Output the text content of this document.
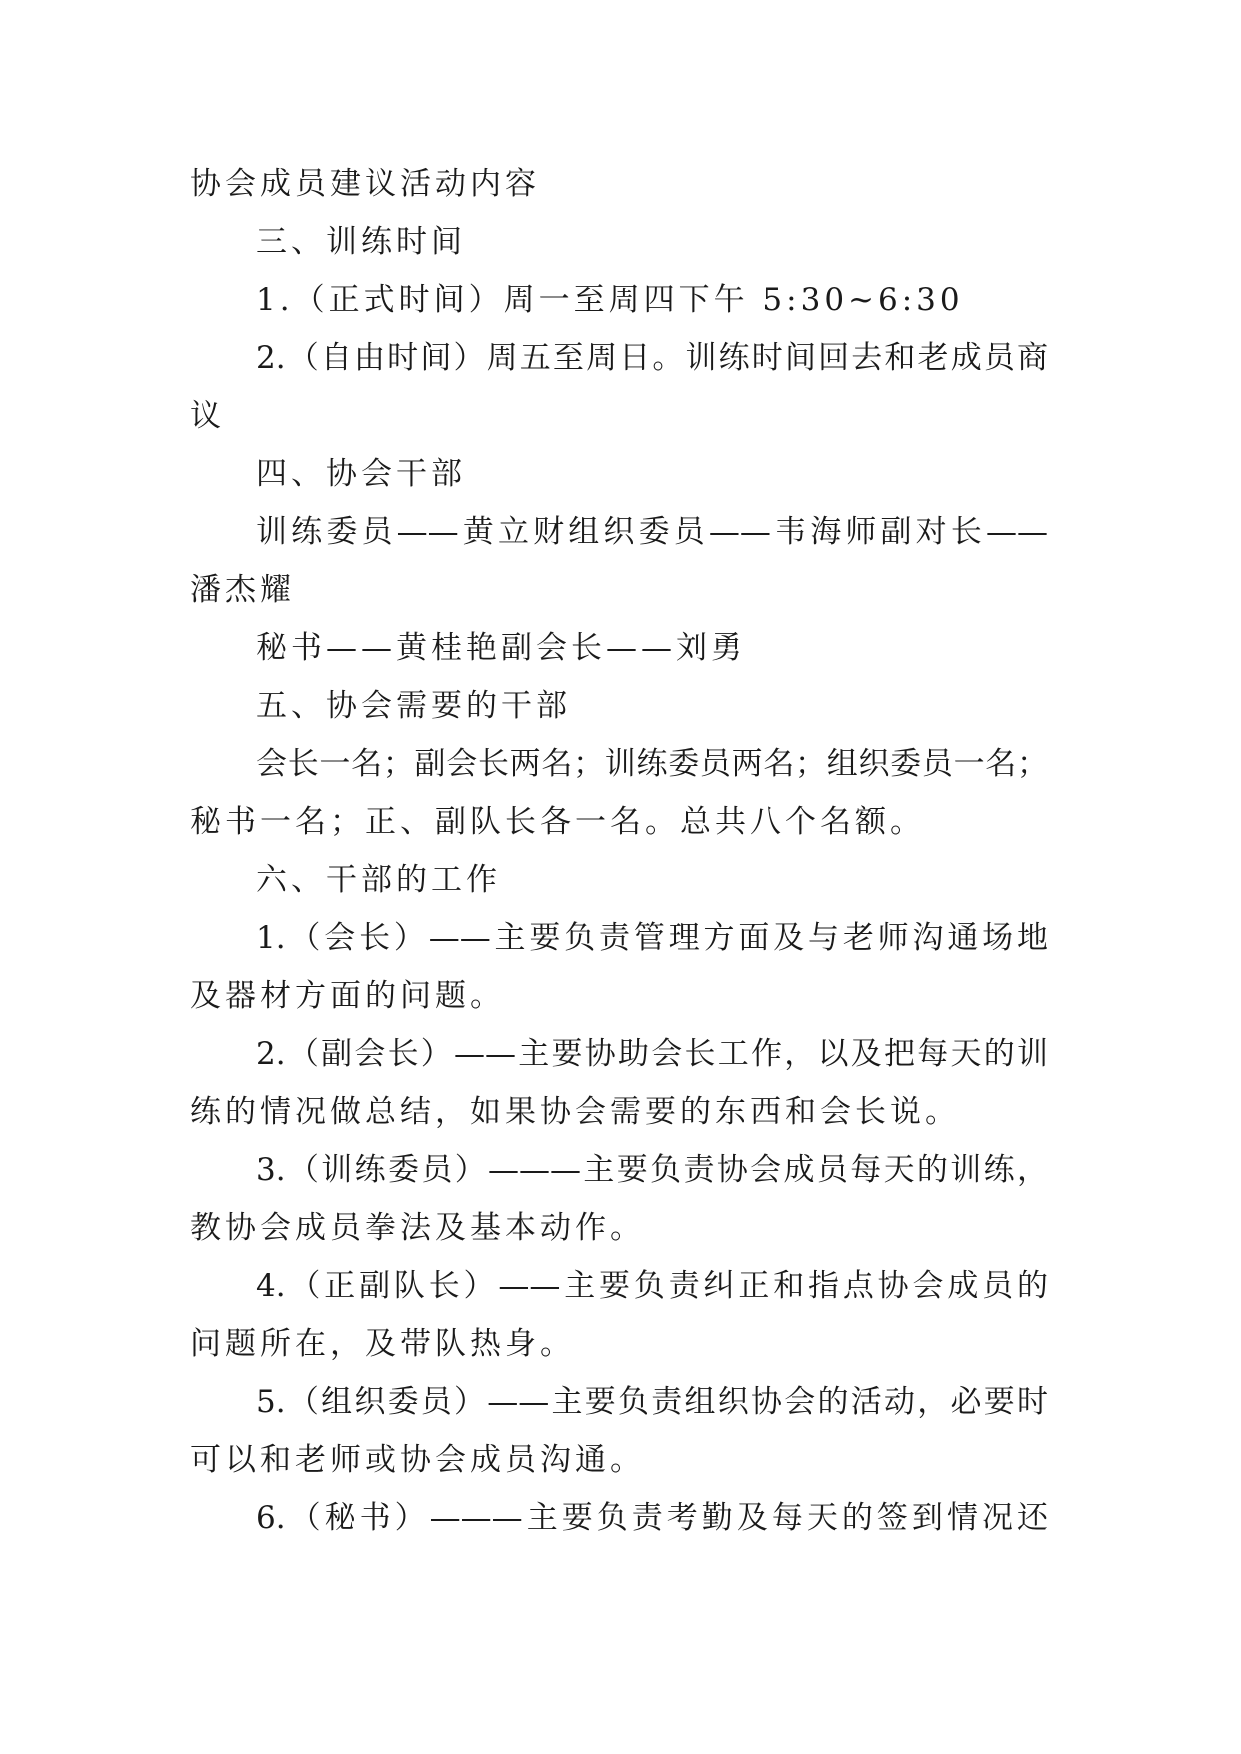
协会成员建议活动内容
三、训练时间
1.（正式时间）周一至周四下午 5:30~6:30
2.（自由时间）周五至周日。训练时间回去和老成员商
议
四、协会干部
训练委员——黄立财组织委员——韦海师副对长——
潘杰耀
秘书——黄桂艳副会长——刘勇
五、协会需要的干部
会长一名；副会长两名；训练委员两名；组织委员一名；
秘书一名；正、副队长各一名。总共八个名额。
六、干部的工作
1.（会长）——主要负责管理方面及与老师沟通场地
及器材方面的问题。
2.（副会长）——主要协助会长工作，以及把每天的训
练的情况做总结，如果协会需要的东西和会长说。
3.（训练委员）———主要负责协会成员每天的训练，
教协会成员拳法及基本动作。
4.（正副队长）——主要负责纠正和指点协会成员的
问题所在，及带队热身。
5.（组织委员）——主要负责组织协会的活动，必要时
可以和老师或协会成员沟通。
6.（秘书）———主要负责考勤及每天的签到情况还
